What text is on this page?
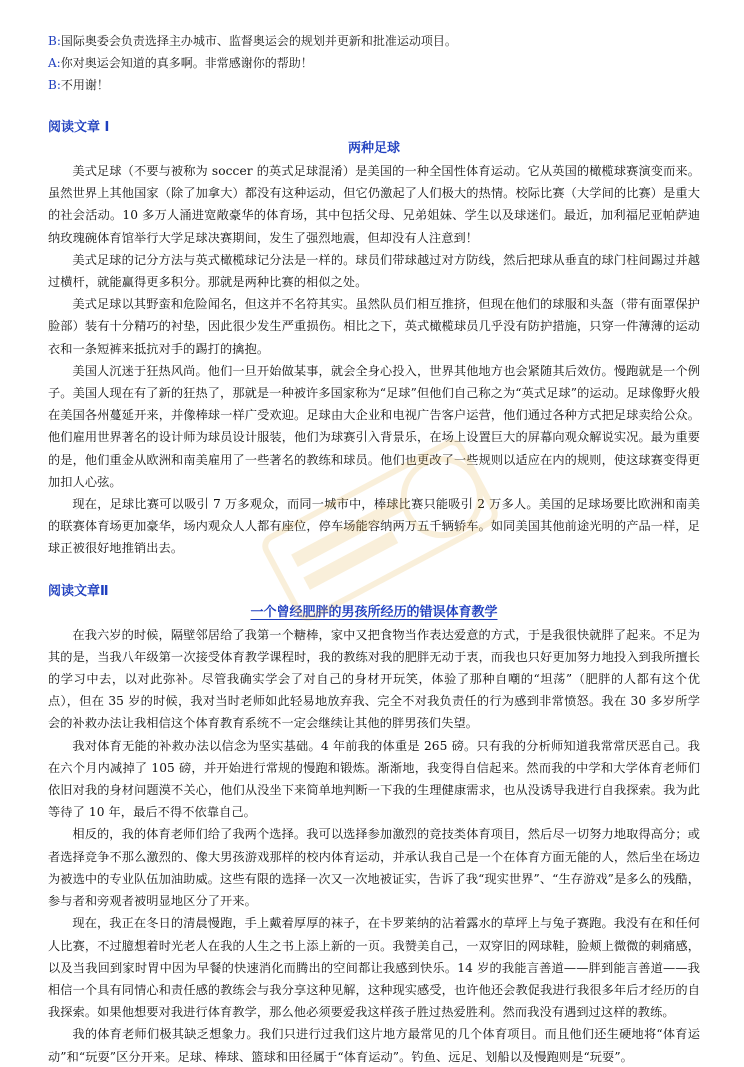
B:国际奥委会负责选择主办城市、监督奥运会的规划并更新和批准运动项目。

A:你对奥运会知道的真多啊。非常感谢你的帮助！

B:不用谢！

阅读文章 I
两种足球

美式足球（不要与被称为 soccer 的英式足球混淆）是美国的一种全国性体育运动。它从英国的橄榄球赛演变而来。虽然世界上其他国家（除了加拿大）都没有这种运动，但它仍激起了人们极大的热情。校际比赛（大学间的比赛）是重大的社会活动。10 多万人涌进宽敞豪华的体育场，其中包括父母、兄弟姐妹、学生以及球迷们。最近，加利福尼亚帕萨迪纳玫瑰碗体育馆举行大学足球决赛期间，发生了强烈地震，但却没有人注意到！

美式足球的记分方法与英式橄榄球记分法是一样的。球员们带球越过对方防线，然后把球从垂直的球门柱间踢过并越过横杆，就能赢得更多积分。那就是两种比赛的相似之处。

美式足球以其野蛮和危险闻名，但这并不名符其实。虽然队员们相互推挤，但现在他们的球服和头盔（带有面罩保护脸部）装有十分精巧的衬垫，因此很少发生严重损伤。相比之下，英式橄榄球员几乎没有防护措施，只穿一件薄薄的运动衣和一条短裤来抵抗对手的踢打的擒抱。

美国人沉迷于狂热风尚。他们一旦开始做某事，就会全身心投入，世界其他地方也会紧随其后效仿。慢跑就是一个例子。美国人现在有了新的狂热了，那就是一种被许多国家称为“足球”但他们自己称之为“英式足球”的运动。足球像野火般在美国各州蔓延开来，并像棒球一样广受欢迎。足球由大企业和电视广告客户运营，他们通过各种方式把足球卖给公众。他们雇用世界著名的设计师为球员设计服装，他们为球赛引入背景乐，在场上设置巨大的屏幕向观众解说实况。最为重要的是，他们重金从欧洲和南美雇用了一些著名的教练和球员。他们也更改了一些规则以适应在内的规则，使这球赛变得更加扣人心弦。

现在，足球比赛可以吸引 7 万多观众，而同一城市中，棒球比赛只能吸引 2 万多人。美国的足球场要比欧洲和南美的联赛体育场更加豪华，场内观众人人都有座位，停车场能容纳两万五千辆轿车。如同美国其他前途光明的产品一样，足球正被很好地推销出去。

阅读文章Ⅱ
一个曾经肥胖的男孩所经历的错误体育教学

在我六岁的时候，隔壁邻居给了我第一个糖棒，家中又把食物当作表达爱意的方式，于是我很快就胖了起来。不足为其的是，当我八年级第一次接受体育教学课程时，我的教练对我的肥胖无动于衷，而我也只好更加努力地投入到我所擅长的学习中去，以对此弥补。尽管我确实学会了对自己的身材开玩笑，体验了那种自嘲的“坦荡”（肥胖的人都有这个优点），但在 35 岁的时候，我对当时老师如此轻易地放弃我、完全不对我负责任的行为感到非常愤怒。我在 30 多岁所学会的补救办法让我相信这个体育教育系统不一定会继续让其他的胖男孩们失望。

我对体育无能的补救办法以信念为坚实基础。4 年前我的体重是 265 磅。只有我的分析师知道我常常厌恶自己。我在六个月内减掉了 105 磅，并开始进行常规的慢跑和锻炼。渐渐地，我变得自信起来。然而我的中学和大学体育老师们依旧对我的身材问题漠不关心，他们从没坐下来简单地判断一下我的生理健康需求，也从没诱导我进行自我探索。我为此等待了 10 年，最后不得不依靠自己。

相反的，我的体育老师们给了我两个选择。我可以选择参加激烈的竞技类体育项目，然后尽一切努力地取得高分；或者选择竞争不那么激烈的、像大男孩游戏那样的校内体育运动，并承认我自己是一个在体育方面无能的人，然后坐在场边为被选中的专业队伍加油助威。这些有限的选择一次又一次地被证实，告诉了我“现实世界”、“生存游戏”是多么的残酷，参与者和旁观者被明显地区分了开来。

现在，我正在冬日的清晨慢跑，手上戴着厚厚的袜子，在卡罗莱纳的沾着露水的草坪上与兔子赛跑。我没有在和任何人比赛，不过臆想着时光老人在我的人生之书上添上新的一页。我赞美自己，一双穿旧的网球鞋，脸颊上微微的刺痛感，以及当我回到家时胃中因为早餐的快速消化而腾出的空间都让我感到快乐。14 岁的我能言善道——胖到能言善道——我相信一个具有同情心和责任感的教练会与我分享这种见解，这种现实感受，也许他还会教促我进行我很多年后才经历的自我探索。如果他想要对我进行体育教学，那么他必须要爱我这样孩子胜过热爱胜利。然而我没有遇到过这样的教练。

我的体育老师们极其缺乏想象力。我们只进行过我们这片地方最常见的几个体育项目。而且他们还生硬地将“体育运动”和“玩耍”区分开来。足球、棒球、篮球和田径属于“体育运动”。钓鱼、远足、划船以及慢跑则是“玩耍”。
